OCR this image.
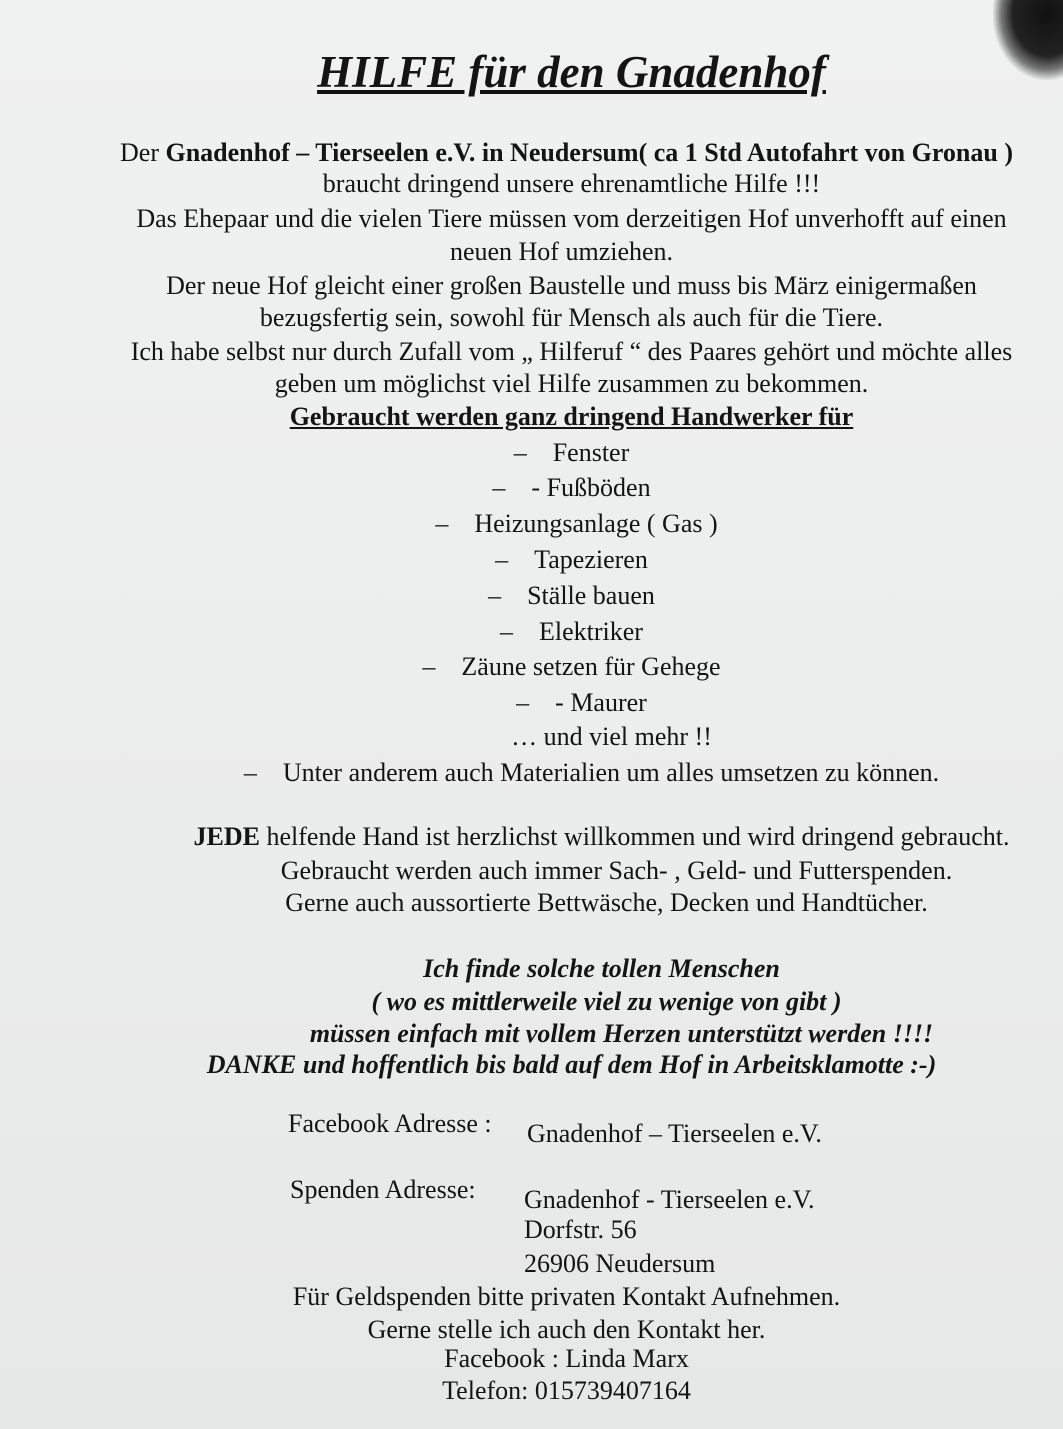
HILFE für den Gnadenhof
Der Gnadenhof – Tierseelen e.V. in Neudersum( ca 1 Std Autofahrt von Gronau )
braucht dringend unsere ehrenamtliche Hilfe !!!
Das Ehepaar und die vielen Tiere müssen vom derzeitigen Hof unverhofft auf einen
neuen Hof umziehen.
Der neue Hof gleicht einer großen Baustelle und muss bis März einigermaßen
bezugsfertig sein, sowohl für Mensch als auch für die Tiere.
Ich habe selbst nur durch Zufall vom „ Hilferuf “ des Paares gehört und möchte alles
geben um möglichst viel Hilfe zusammen zu bekommen.
Gebraucht werden ganz dringend Handwerker für
– Fenster
– - Fußböden
– Heizungsanlage ( Gas )
– Tapezieren
– Ställe bauen
– Elektriker
– Zäune setzen für Gehege
– - Maurer
… und viel mehr !!
– Unter anderem auch Materialien um alles umsetzen zu können.
JEDE helfende Hand ist herzlichst willkommen und wird dringend gebraucht.
Gebraucht werden auch immer Sach- , Geld- und Futterspenden.
Gerne auch aussortierte Bettwäsche, Decken und Handtücher.
Ich finde solche tollen Menschen
( wo es mittlerweile viel zu wenige von gibt )
müssen einfach mit vollem Herzen unterstützt werden !!!!
DANKE und hoffentlich bis bald auf dem Hof in Arbeitsklamotte :-)
Facebook Adresse : Gnadenhof – Tierseelen e.V.
Spenden Adresse: Gnadenhof - Tierseelen e.V.
Dorfstr. 56
26906 Neudersum
Für Geldspenden bitte privaten Kontakt Aufnehmen.
Gerne stelle ich auch den Kontakt her.
Facebook : Linda Marx
Telefon: 015739407164
